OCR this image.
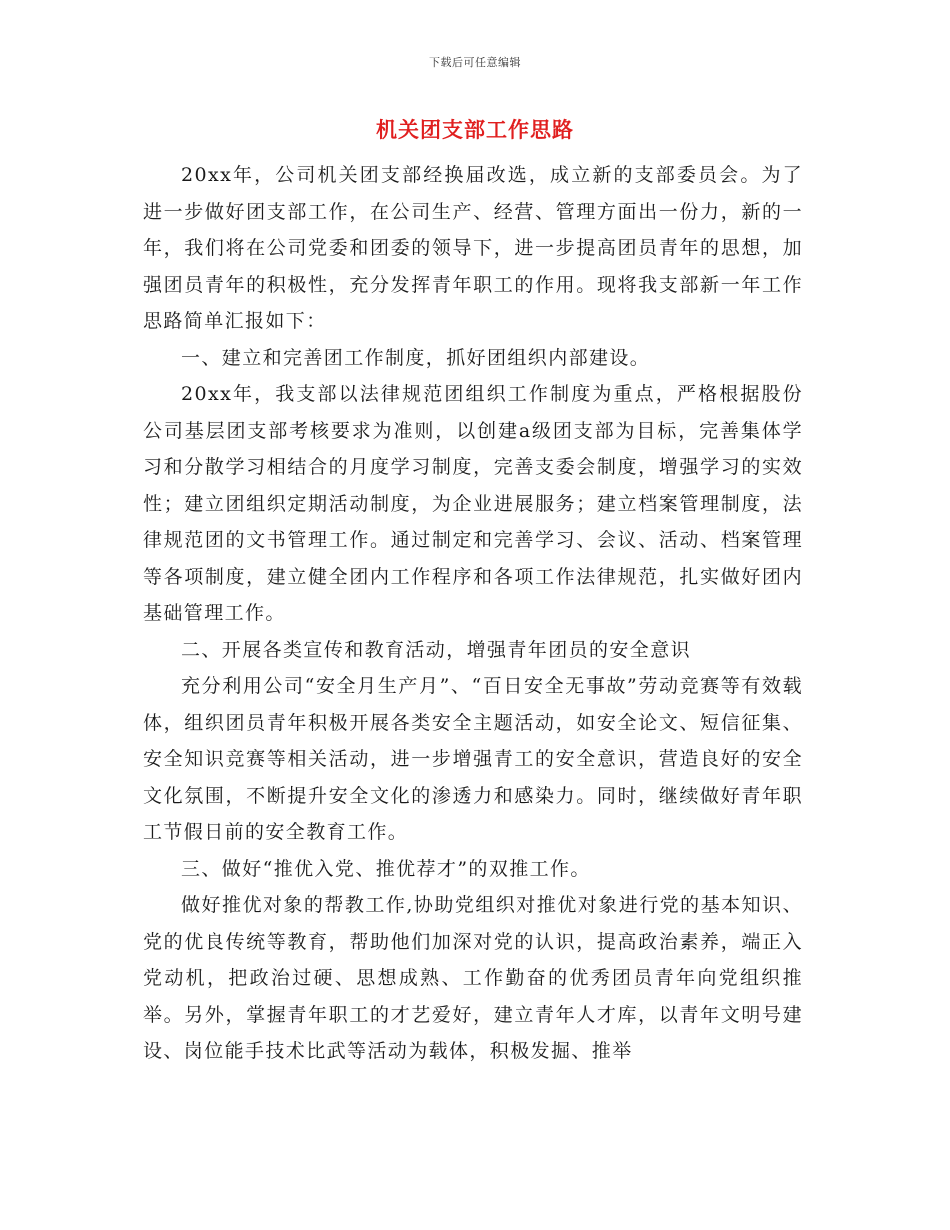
下载后可任意编辑
机关团支部工作思路

20xx年，公司机关团支部经换届改选，成立新的支部委员会。为了进一步做好团支部工作，在公司生产、经营、管理方面出一份力，新的一年，我们将在公司党委和团委的领导下，进一步提高团员青年的思想，加强团员青年的积极性，充分发挥青年职工的作用。现将我支部新一年工作思路简单汇报如下：

一、建立和完善团工作制度，抓好团组织内部建设。

20xx年，我支部以法律规范团组织工作制度为重点，严格根据股份公司基层团支部考核要求为准则，以创建a级团支部为目标，完善集体学习和分散学习相结合的月度学习制度，完善支委会制度，增强学习的实效性；建立团组织定期活动制度，为企业进展服务；建立档案管理制度，法律规范团的文书管理工作。通过制定和完善学习、会议、活动、档案管理等各项制度，建立健全团内工作程序和各项工作法律规范，扎实做好团内基础管理工作。

二、开展各类宣传和教育活动，增强青年团员的安全意识

充分利用公司“安全月生产月”、“百日安全无事故”劳动竞赛等有效载体，组织团员青年积极开展各类安全主题活动，如安全论文、短信征集、安全知识竞赛等相关活动，进一步增强青工的安全意识，营造良好的安全文化氛围，不断提升安全文化的渗透力和感染力。同时，继续做好青年职工节假日前的安全教育工作。

三、做好“推优入党、推优荐才”的双推工作。

做好推优对象的帮教工作,协助党组织对推优对象进行党的基本知识、党的优良传统等教育，帮助他们加深对党的认识，提高政治素养，端正入党动机，把政治过硬、思想成熟、工作勤奋的优秀团员青年向党组织推举。另外，掌握青年职工的才艺爱好，建立青年人才库，以青年文明号建设、岗位能手技术比武等活动为载体，积极发掘、推举
